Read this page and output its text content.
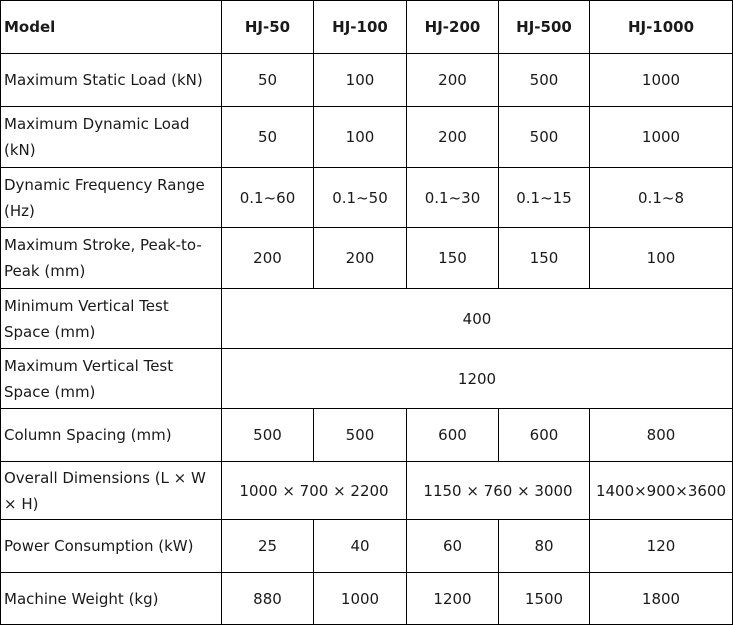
Model	HJ-50	HJ-100	HJ-200	HJ-500	HJ-1000
Maximum Static Load (kN)	50	100	200	500	1000
Maximum Dynamic Load (kN)	50	100	200	500	1000
Dynamic Frequency Range (Hz)	0.1~60	0.1~50	0.1~30	0.1~15	0.1~8
Maximum Stroke, Peak-to-Peak (mm)	200	200	150	150	100
Minimum Vertical Test Space (mm)	400				
Maximum Vertical Test Space (mm)	1200				
Column Spacing (mm)	500	500	600	600	800
Overall Dimensions (L × W × H)	1000 × 700 × 2200		1150 × 760 × 3000		1400×900×3600
Power Consumption (kW)	25	40	60	80	120
Machine Weight (kg)	880	1000	1200	1500	1800
